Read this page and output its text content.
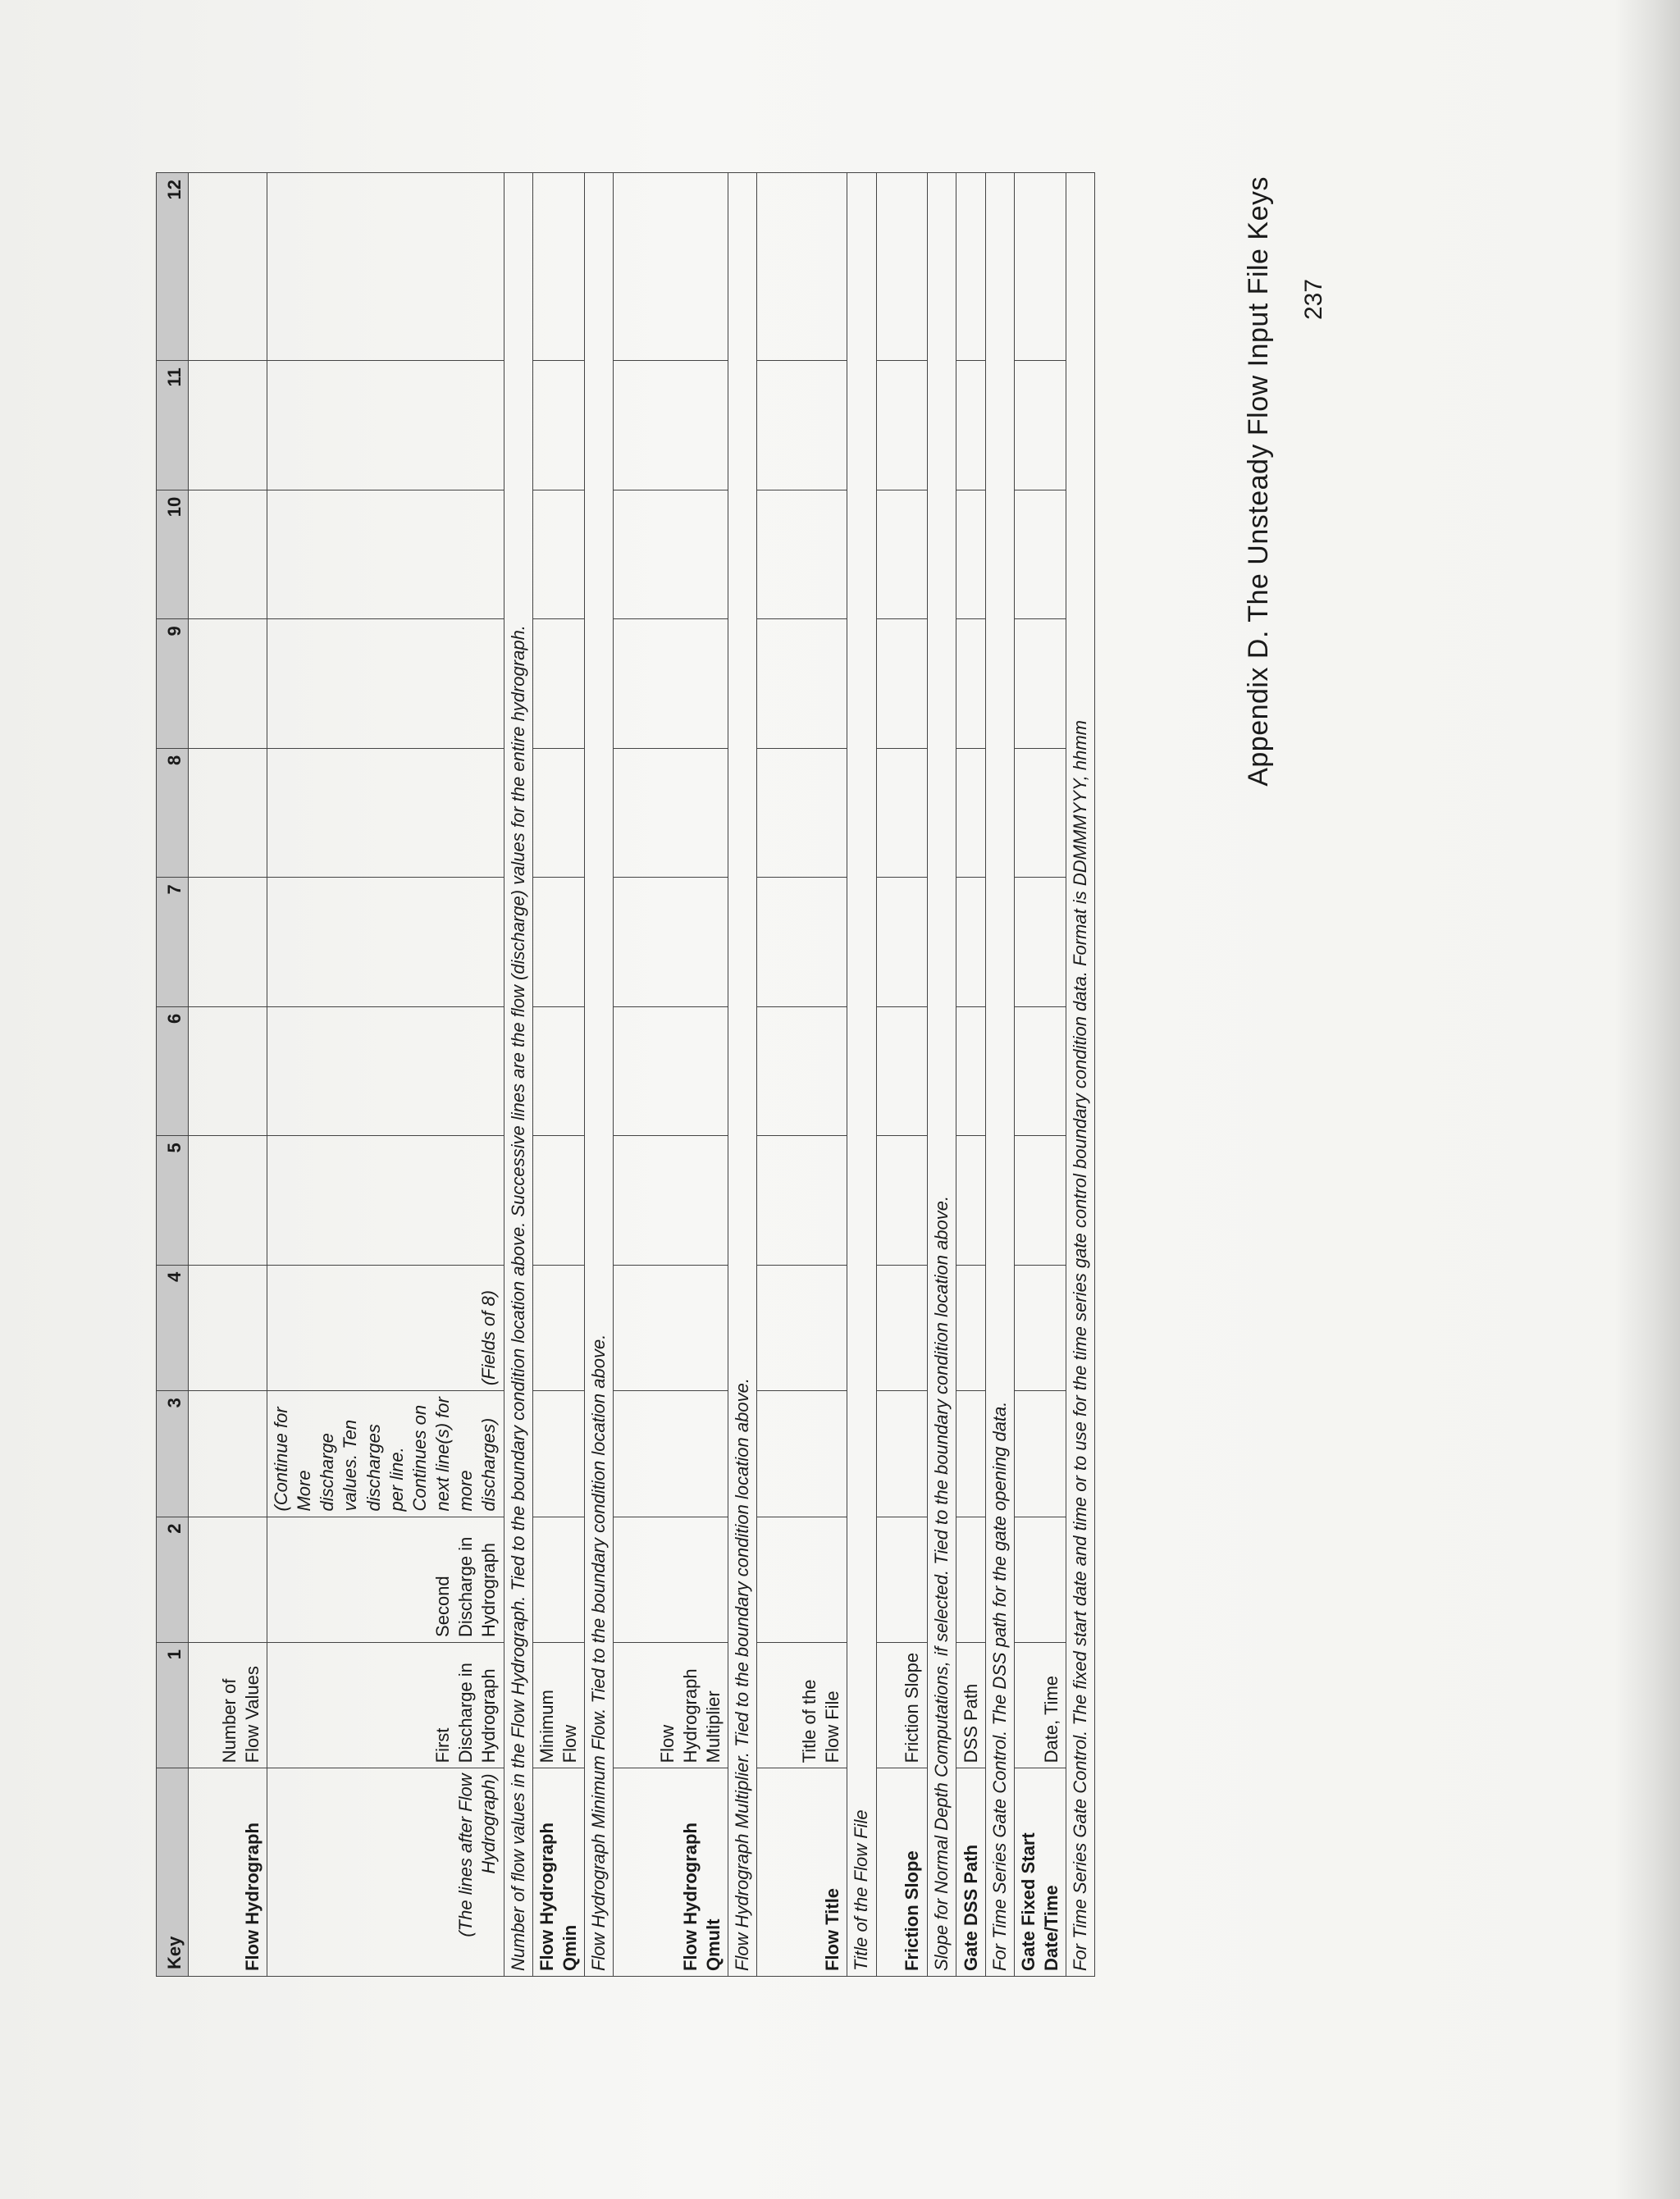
Appendix D. The Unsteady Flow Input File Keys 237
Key	1	2	3	4	5	6	7	8	9	10	11	12
Flow Hydrograph	Number of Flow Values											
(The lines after Flow Hydrograph)	First Discharge in Hydrograph	Second Discharge in Hydrograph	(Continue for More discharge values. Ten discharges per line. Continues on next line(s) for more discharges)	(Fields of 8)								
Number of flow values in the Flow Hydrograph. Tied to the boundary condition location above. Successive lines are the flow (discharge) values for the entire hydrograph.												
Flow Hydrograph Qmin	Minimum Flow											
Flow Hydrograph Minimum Flow. Tied to the boundary condition location above.												
Flow Hydrograph Qmult	Flow Hydrograph Multiplier											
Flow Hydrograph Multiplier. Tied to the boundary condition location above.												
Flow Title	Title of the Flow File											
Title of the Flow File												
Friction Slope	Friction Slope											
Slope for Normal Depth Computations, if selected. Tied to the boundary condition location above.												
Gate DSS Path	DSS Path											
For Time Series Gate Control. The DSS path for the gate opening data.												
Gate Fixed Start Date/Time	Date, Time											
For Time Series Gate Control. The fixed start date and time or to use for the time series gate control boundary condition data. Format is DDMMMYYY, hhmm												
